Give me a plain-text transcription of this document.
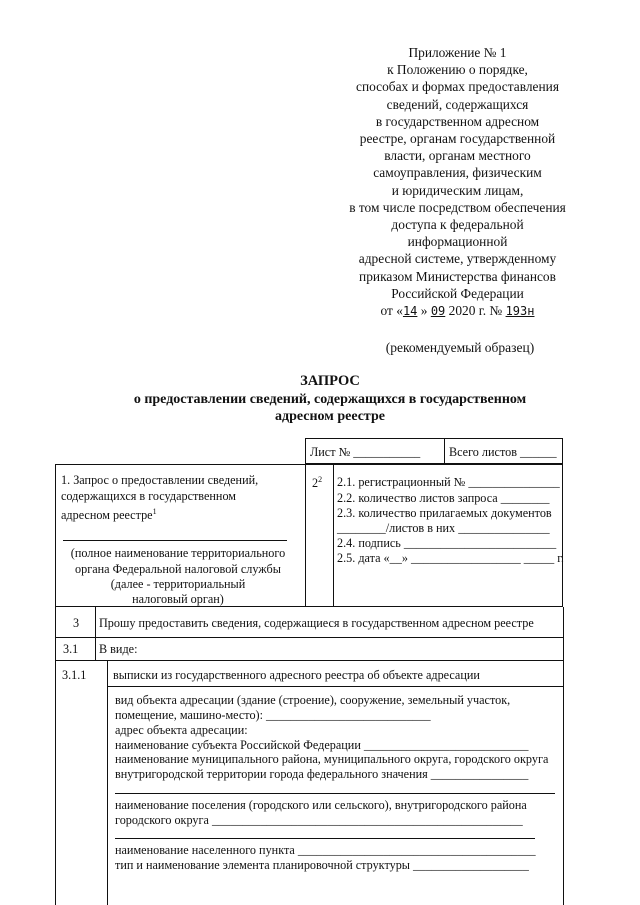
Приложение № 1
к Положению о порядке,
способах и формах предоставления
сведений, содержащихся
в государственном адресном
реестре, органам государственной
власти, органам местного
самоуправления, физическим
и юридическим лицам,
в том числе посредством обеспечения
доступа к федеральной
информационной
адресной системе, утвержденному
приказом Министерства финансов
Российской Федерации
от «14 » 09 2020 г. № 193н
(рекомендуемый образец)
ЗАПРОС
о предоставлении сведений, содержащихся в государственном
адресном реестре
Лист № ___________ Всего листов ______
1. Запрос о предоставлении сведений,
содержащихся в государственном
адресном реестре$^1$
(полное наименование территориального
органа Федеральной налоговой службы
(далее - территориальный
налоговый орган)
$2^2$ 2.1. регистрационный № _______________
2.2. количество листов запроса ________
2.3. количество прилагаемых документов
________/листов в них _______________
2.4. подпись _________________________
2.5. дата «__» __________________ _____ г.
3 Прошу предоставить сведения, содержащиеся в государственном адресном реестре
3.1 В виде:
3.1.1 выписки из государственного адресного реестра об объекте адресации
вид объекта адресации (здание (строение), сооружение, земельный участок,
помещение, машино-место): ___________________________
адрес объекта адресации:
наименование субъекта Российской Федерации ___________________________
наименование муниципального района, муниципального округа, городского округа
внутригородской территории города федерального значения ________________
наименование поселения (городского или сельского), внутригородского района
городского округа ___________________________________________________
наименование населенного пункта _______________________________________
тип и наименование элемента планировочной структуры ___________________
